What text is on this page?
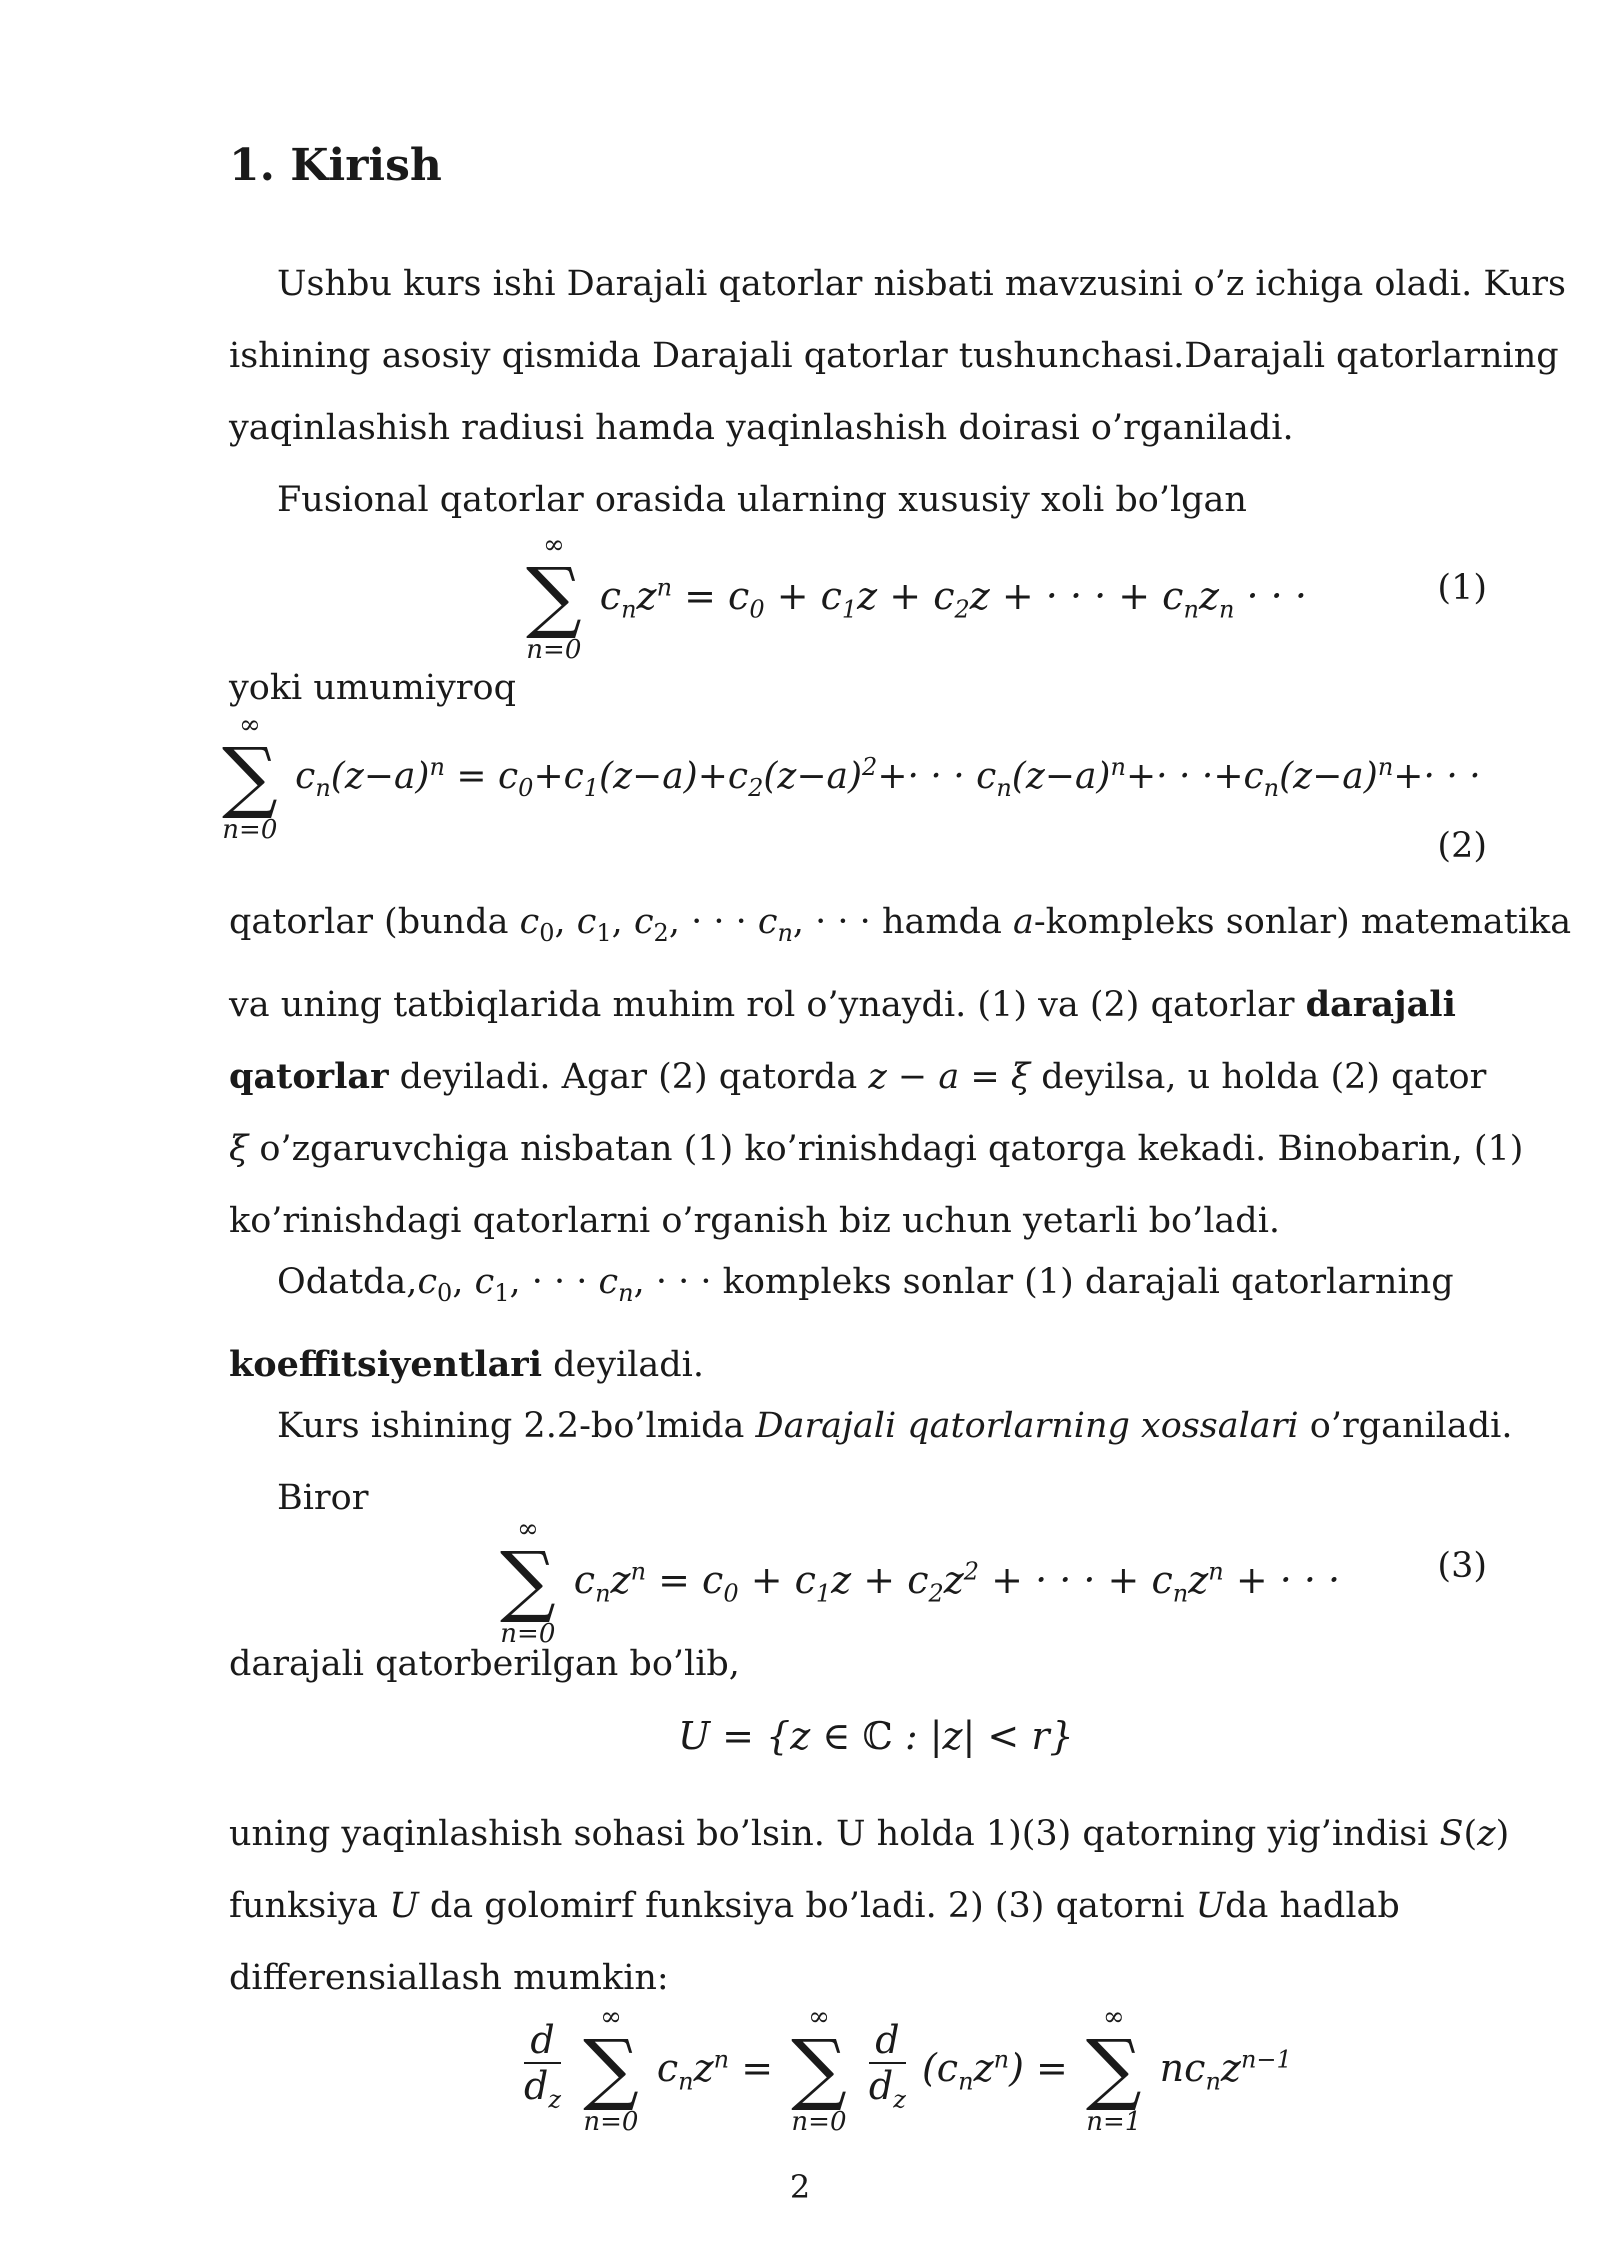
1. Kirish
Ushbu kurs ishi Darajali qatorlar nisbati mavzusini o’z ichiga oladi. Kurs
ishining asosiy qismida Darajali qatorlar tushunchasi.Darajali qatorlarning
yaqinlashish radiusi hamda yaqinlashish doirasi o’rganiladi.
Fusional qatorlar orasida ularning xususiy xoli bo’lgan
∞
∑
n=0
$c_nz^n = c_0 + c_1z + c_2z$ + · · · + $c_nz_n$ · · ·	(1)
yoki umumiyroq
∞
∑
n=0
$c_n(z-a)^n = c_0+c_1(z-a)+c_2(z-a)^2+\cdot$ · · $c_n(z-a)^n+\cdot \cdot \cdot+c_n(z-a)^n+\cdot$ · ·
(2)
qatorlar (bunda $c_0$, $c_1$, $c_2$, · · · $c_n$, · · · hamda a-kompleks sonlar) matematika
va uning tatbiqlarida muhim rol o’ynaydi. (1) va (2) qatorlar darajali
qatorlar deyiladi. Agar (2) qatorda z − a = ξ deyilsa, u holda (2) qator
ξ o’zgaruvchiga nisbatan (1) ko’rinishdagi qatorga kekadi. Binobarin, (1)
ko’rinishdagi qatorlarni o’rganish biz uchun yetarli bo’ladi.
$Odatda,c_0$, $c_1$, · · · $c_n$, · · · kompleks sonlar (1) darajali qatorlarning
koeffitsiyentlari deyiladi.
Kurs ishining 2.2-bo’lmida Darajali qatorlarning xossalari o’rganiladi.
Biror
∞
∑
n=0
$c_nz^n = c_0 + c_1z + c_2z^2$ + · · · + $c_nz^n$ + · · ·	(3)
darajali qatorberilgan bo’lib,
U = {z ∈ ℂ : |z| < r}
uning yaqinlashish sohasi bo’lsin. U holda 1)(3) qatorning yig’indisi S(z)
funksiya U da golomirf funksiya bo’ladi. 2) (3) qatorni Uda hadlab
differensiallash mumkin:
$\frac{d}{d_z}$

∞
∑
n=0
$c_nz^n$ =
∞
∑
n=0

$\frac{d}{d_z} (c_nz^n)$ =
∞
∑
n=1
$nc_nz^{n-1}$
2
